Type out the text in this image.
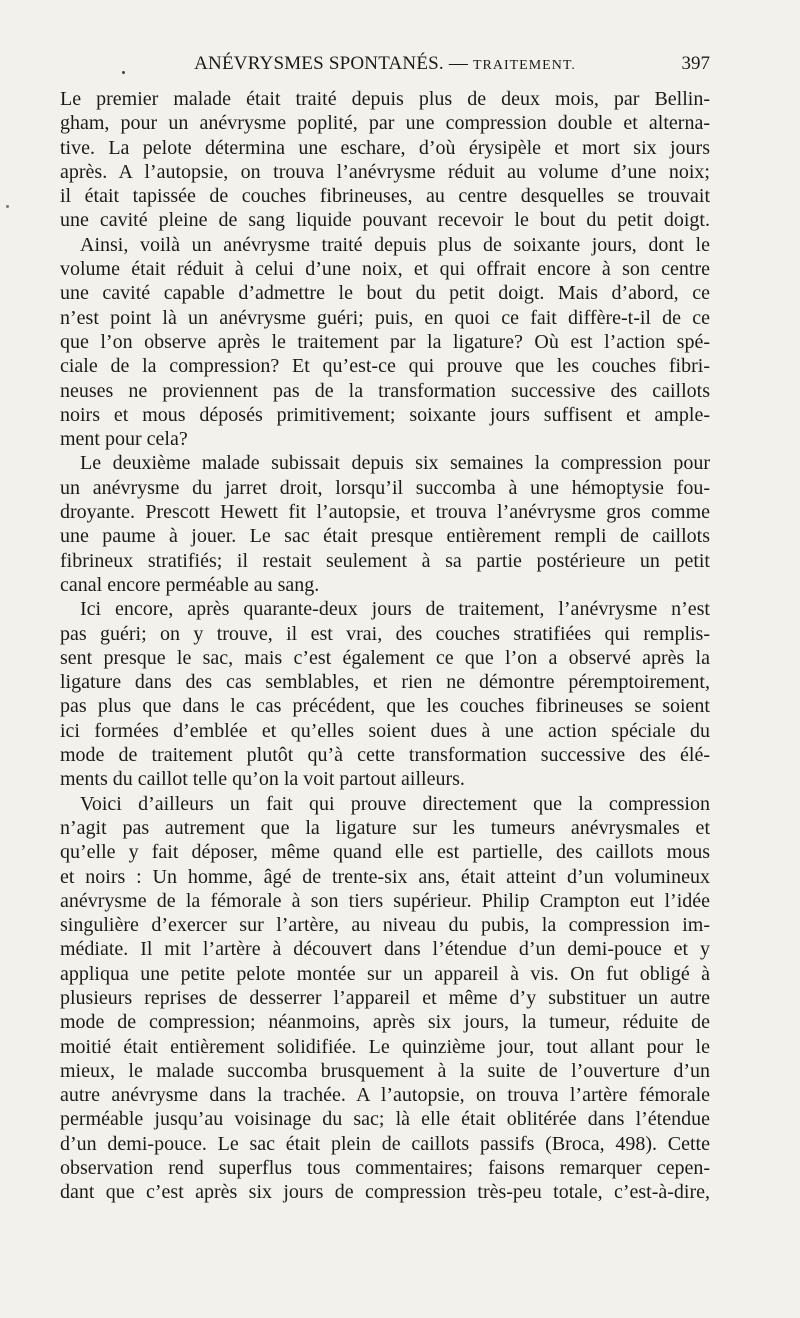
ANÉVRYSMES SPONTANÉS. — TRAITEMENT.	397
Le premier malade était traité depuis plus de deux mois, par Bellin-
gham, pour un anévrysme poplité, par une compression double et alterna-
tive. La pelote détermina une eschare, d’où érysipèle et mort six jours
après. A l’autopsie, on trouva l’anévrysme réduit au volume d’une noix;
il était tapissée de couches fibrineuses, au centre desquelles se trouvait
une cavité pleine de sang liquide pouvant recevoir le bout du petit doigt.
Ainsi, voilà un anévrysme traité depuis plus de soixante jours, dont le
volume était réduit à celui d’une noix, et qui offrait encore à son centre
une cavité capable d’admettre le bout du petit doigt. Mais d’abord, ce
n’est point là un anévrysme guéri; puis, en quoi ce fait diffère-t-il de ce
que l’on observe après le traitement par la ligature? Où est l’action spé-
ciale de la compression? Et qu’est-ce qui prouve que les couches fibri-
neuses ne proviennent pas de la transformation successive des caillots
noirs et mous déposés primitivement; soixante jours suffisent et ample-
ment pour cela?
Le deuxième malade subissait depuis six semaines la compression pour
un anévrysme du jarret droit, lorsqu’il succomba à une hémoptysie fou-
droyante. Prescott Hewett fit l’autopsie, et trouva l’anévrysme gros comme
une paume à jouer. Le sac était presque entièrement rempli de caillots
fibrineux stratifiés; il restait seulement à sa partie postérieure un petit
canal encore perméable au sang.
Ici encore, après quarante-deux jours de traitement, l’anévrysme n’est
pas guéri; on y trouve, il est vrai, des couches stratifiées qui remplis-
sent presque le sac, mais c’est également ce que l’on a observé après la
ligature dans des cas semblables, et rien ne démontre péremptoirement,
pas plus que dans le cas précédent, que les couches fibrineuses se soient
ici formées d’emblée et qu’elles soient dues à une action spéciale du
mode de traitement plutôt qu’à cette transformation successive des élé-
ments du caillot telle qu’on la voit partout ailleurs.
Voici d’ailleurs un fait qui prouve directement que la compression
n’agit pas autrement que la ligature sur les tumeurs anévrysmales et
qu’elle y fait déposer, même quand elle est partielle, des caillots mous
et noirs : Un homme, âgé de trente-six ans, était atteint d’un volumineux
anévrysme de la fémorale à son tiers supérieur. Philip Crampton eut l’idée
singulière d’exercer sur l’artère, au niveau du pubis, la compression im-
médiate. Il mit l’artère à découvert dans l’étendue d’un demi-pouce et y
appliqua une petite pelote montée sur un appareil à vis. On fut obligé à
plusieurs reprises de desserrer l’appareil et même d’y substituer un autre
mode de compression; néanmoins, après six jours, la tumeur, réduite de
moitié était entièrement solidifiée. Le quinzième jour, tout allant pour le
mieux, le malade succomba brusquement à la suite de l’ouverture d’un
autre anévrysme dans la trachée. A l’autopsie, on trouva l’artère fémorale
perméable jusqu’au voisinage du sac; là elle était oblitérée dans l’étendue
d’un demi-pouce. Le sac était plein de caillots passifs (Broca, 498). Cette
observation rend superflus tous commentaires; faisons remarquer cepen-
dant que c’est après six jours de compression très-peu totale, c’est-à-dire,
